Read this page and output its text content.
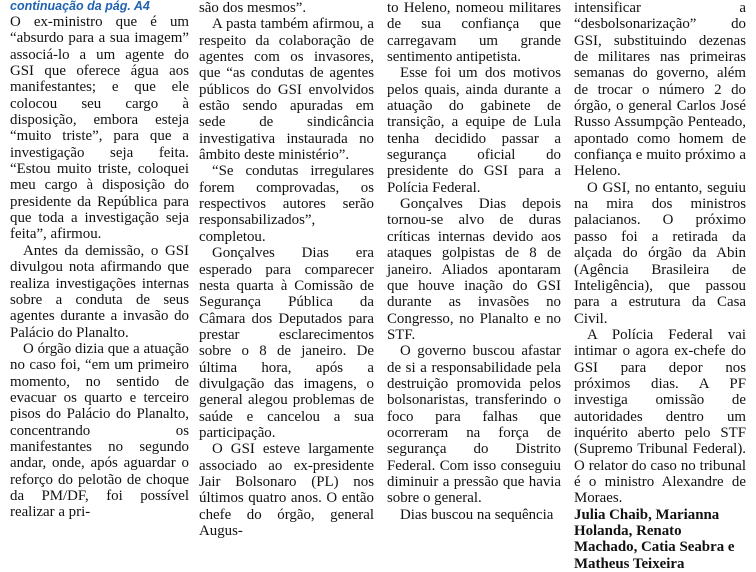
continuação da pág. A4

O ex-ministro que é um “absurdo para a sua imagem” associá-lo a um agente do GSI que oferece água aos manifestantes; e que ele colocou seu cargo à disposição, embora esteja “muito triste”, para que a investigação seja feita. “Estou muito triste, coloquei meu cargo à disposição do presidente da República para que toda a investigação seja feita”, afirmou.

Antes da demissão, o GSI divulgou nota afirmando que realiza investigações internas sobre a conduta de seus agentes durante a invasão do Palácio do Planalto.

O órgão dizia que a atuação no caso foi, “em um primeiro momento, no sentido de evacuar os quarto e terceiro pisos do Palácio do Planalto, concentrando os manifestantes no segundo andar, onde, após aguardar o reforço do pelotão de choque da PM/DF, foi possível realizar a pri-

são dos mesmos”.

A pasta também afirmou, a respeito da colaboração de agentes com os invasores, que “as condutas de agentes públicos do GSI envolvidos estão sendo apuradas em sede de sindicância investigativa instaurada no âmbito deste ministério”.

“Se condutas irregulares forem comprovadas, os respectivos autores serão responsabilizados”, completou.

Gonçalves Dias era esperado para comparecer nesta quarta à Comissão de Segurança Pública da Câmara dos Deputados para prestar esclarecimentos sobre o 8 de janeiro. De última hora, após a divulgação das imagens, o general alegou problemas de saúde e cancelou a sua participação.

O GSI esteve largamente associado ao ex-presidente Jair Bolsonaro (PL) nos últimos quatro anos. O então chefe do órgão, general Augus-

to Heleno, nomeou militares de sua confiança que carregavam um grande sentimento antipetista.

Esse foi um dos motivos pelos quais, ainda durante a atuação do gabinete de transição, a equipe de Lula tenha decidido passar a segurança oficial do presidente do GSI para a Polícia Federal.

Gonçalves Dias depois tornou-se alvo de duras críticas internas devido aos ataques golpistas de 8 de janeiro. Aliados apontaram que houve inação do GSI durante as invasões no Congresso, no Planalto e no STF.

O governo buscou afastar de si a responsabilidade pela destruição promovida pelos bolsonaristas, transferindo o foco para falhas que ocorreram na força de segurança do Distrito Federal. Com isso conseguiu diminuir a pressão que havia sobre o general.

Dias buscou na sequência

intensificar a “desbolsonarização” do GSI, substituindo dezenas de militares nas primeiras semanas do governo, além de trocar o número 2 do órgão, o general Carlos José Russo Assumpção Penteado, apontado como homem de confiança e muito próximo a Heleno.

O GSI, no entanto, seguiu na mira dos ministros palacianos. O próximo passo foi a retirada da alçada do órgão da Abin (Agência Brasileira de Inteligência), que passou para a estrutura da Casa Civil.

A Polícia Federal vai intimar o agora ex-chefe do GSI para depor nos próximos dias. A PF investiga omissão de autoridades dentro um inquérito aberto pelo STF (Supremo Tribunal Federal). O relator do caso no tribunal é o ministro Alexandre de Moraes.

Julia Chaib, Marianna Holanda, Renato Machado, Catia Seabra e Matheus Teixeira
